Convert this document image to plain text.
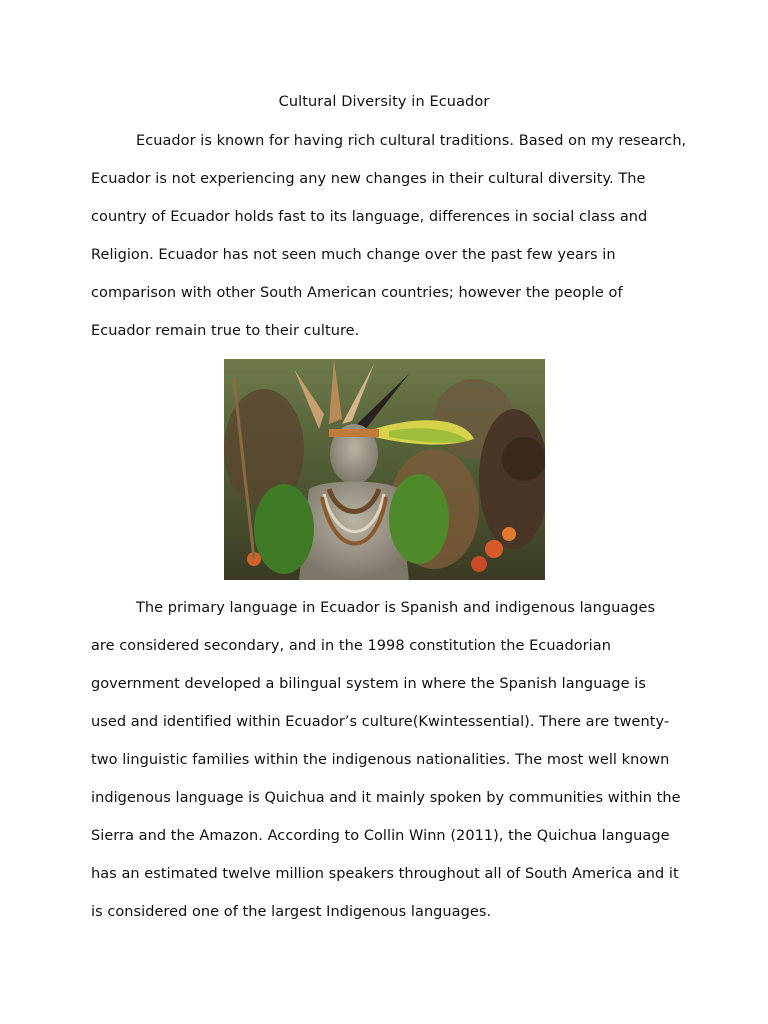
Cultural Diversity in Ecuador
Ecuador is known for having rich cultural traditions. Based on my research,
Ecuador is not experiencing any new changes in their cultural diversity. The
country of Ecuador holds fast to its language, differences in social class and
Religion. Ecuador has not seen much change over the past few years in
comparison with other South American countries; however the people of
Ecuador remain true to their culture.
The primary language in Ecuador is Spanish and indigenous languages
are considered secondary, and in the 1998 constitution the Ecuadorian
government developed a bilingual system in where the Spanish language is
used and identified within Ecuador’s culture(Kwintessential). There are twenty-
two linguistic families within the indigenous nationalities. The most well known
indigenous language is Quichua and it mainly spoken by communities within the
Sierra and the Amazon. According to Collin Winn (2011), the Quichua language
has an estimated twelve million speakers throughout all of South America and it
is considered one of the largest Indigenous languages.
